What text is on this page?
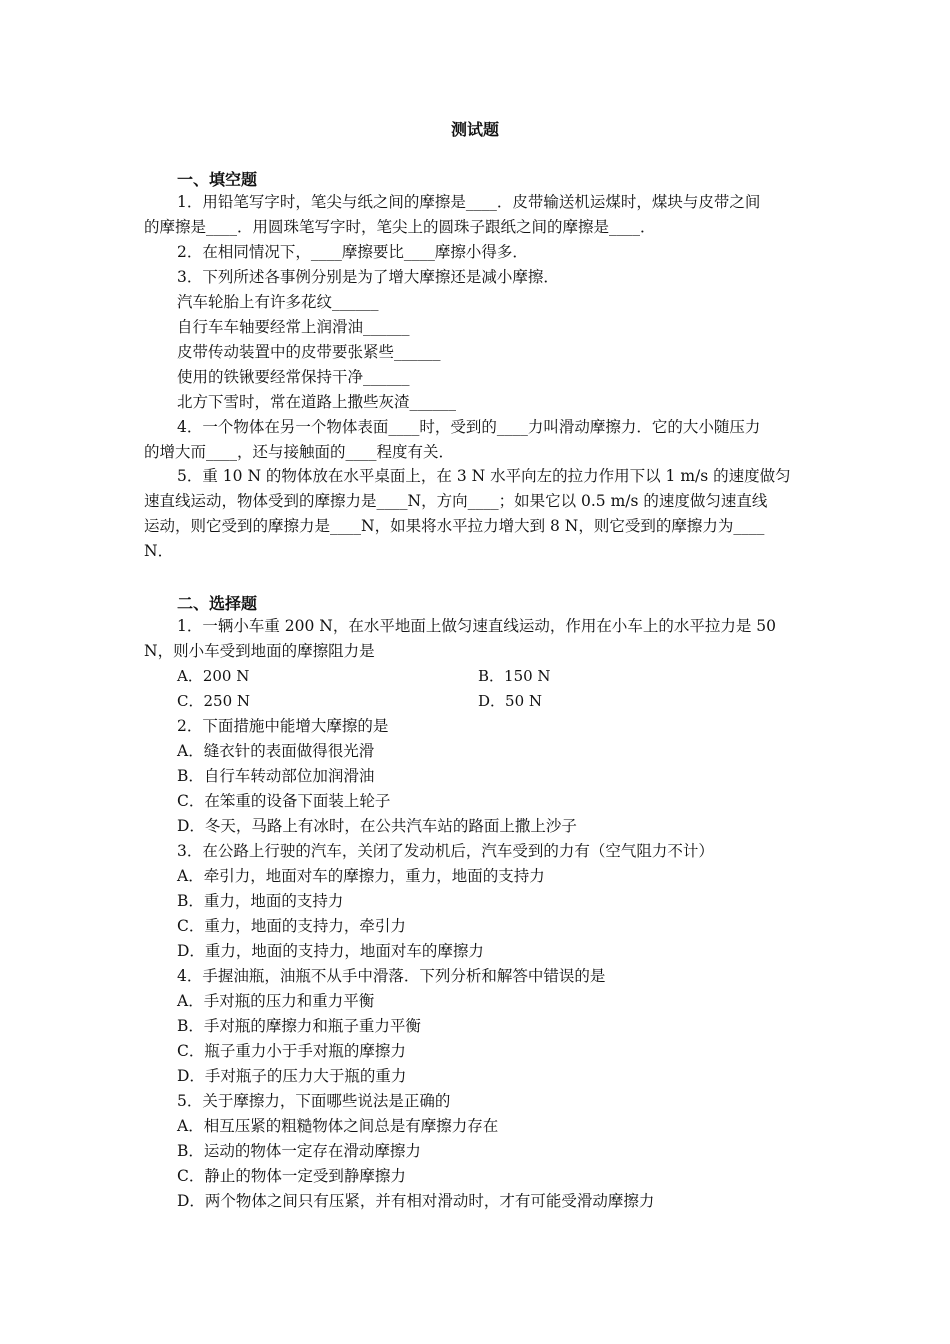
测试题
一、填空题
1．用铅笔写字时，笔尖与纸之间的摩擦是____．皮带输送机运煤时，煤块与皮带之间
的摩擦是____．用圆珠笔写字时，笔尖上的圆珠子跟纸之间的摩擦是____．
2．在相同情况下，____摩擦要比____摩擦小得多．
3．下列所述各事例分别是为了增大摩擦还是减小摩擦．
汽车轮胎上有许多花纹______
自行车车轴要经常上润滑油______
皮带传动装置中的皮带要张紧些______
使用的铁锹要经常保持干净______
北方下雪时，常在道路上撒些灰渣______
4．一个物体在另一个物体表面____时，受到的____力叫滑动摩擦力．它的大小随压力
的增大而____，还与接触面的____程度有关．
5．重 10 N 的物体放在水平桌面上，在 3 N 水平向左的拉力作用下以 1 m/s 的速度做匀
速直线运动，物体受到的摩擦力是____N，方向____；如果它以 0.5 m/s 的速度做匀速直线
运动，则它受到的摩擦力是____N，如果将水平拉力增大到 8 N，则它受到的摩擦力为____
N．
二、选择题
1．一辆小车重 200 N，在水平地面上做匀速直线运动，作用在小车上的水平拉力是 50
N，则小车受到地面的摩擦阻力是
A．200 N	B．150 N
C．250 N	D．50 N
2．下面措施中能增大摩擦的是
A．缝衣针的表面做得很光滑
B．自行车转动部位加润滑油
C．在笨重的设备下面装上轮子
D．冬天，马路上有冰时，在公共汽车站的路面上撒上沙子
3．在公路上行驶的汽车，关闭了发动机后，汽车受到的力有（空气阻力不计）
A．牵引力，地面对车的摩擦力，重力，地面的支持力
B．重力，地面的支持力
C．重力，地面的支持力，牵引力
D．重力，地面的支持力，地面对车的摩擦力
4．手握油瓶，油瓶不从手中滑落．下列分析和解答中错误的是
A．手对瓶的压力和重力平衡
B．手对瓶的摩擦力和瓶子重力平衡
C．瓶子重力小于手对瓶的摩擦力
D．手对瓶子的压力大于瓶的重力
5．关于摩擦力，下面哪些说法是正确的
A．相互压紧的粗糙物体之间总是有摩擦力存在
B．运动的物体一定存在滑动摩擦力
C．静止的物体一定受到静摩擦力
D．两个物体之间只有压紧，并有相对滑动时，才有可能受滑动摩擦力
